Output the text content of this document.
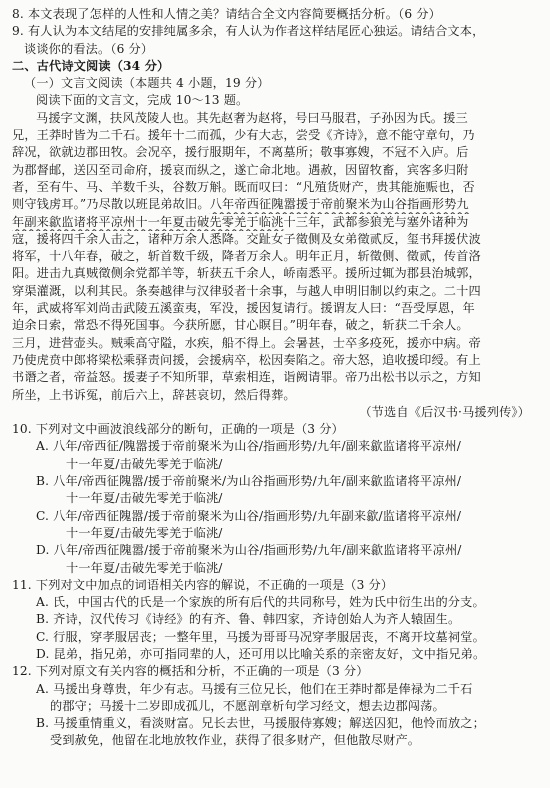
8. 本文表现了怎样的人性和人情之美？请结合全文内容简要概括分析。（6 分）
9. 有人认为本文结尾的安排纯属多余，有人认为作者这样结尾匠心独运。请结合文本，
谈谈你的看法。（6 分）
二、古代诗文阅读（34 分）
（一）文言文阅读（本题共 4 小题，19 分）
阅读下面的文言文，完成 10～13 题。
马援字文渊，扶风茂陵人也。其先赵奢为赵将，号曰马服君，子孙因为氏。援三
兄，王莽时皆为二千石。援年十二而孤，少有大志，尝受《齐诗》，意不能守章句，乃
辞况，欲就边郡田牧。会况卒，援行服期年，不离墓所；敬事寡嫂，不冠不入庐。后
为郡督邮，送囚至司命府，援哀而纵之，遂亡命北地。遇赦，因留牧畜，宾客多归附
者，至有牛、马、羊数千头，谷数万斛。既而叹曰：“凡殖货财产，贵其能施赈也，否
则守钱虏耳。”乃尽散以班昆弟故旧。八年帝西征隗嚣援于帝前聚米为山谷指画形势九
年副来歙监诸将平凉州十一年夏击破先零羌于临洮十三年，武都参狼羌与塞外诸种为
寇，援将四千余人击之，诸种万余人悉降。交趾女子徵侧及女弟徵贰反，玺书拜援伏波
将军，十八年春，破之，斩首数千级，降者万余人。明年正月，斩徵侧、徵贰，传首洛
阳。进击九真贼徵侧余党都羊等，斩获五千余人，峤南悉平。援所过辄为郡县治城郭，
穿渠灌溉，以利其民。条奏越律与汉律驳者十余事，与越人申明旧制以约束之。二十四
年，武威将军刘尚击武陵五溪蛮夷，军没，援因复请行。援谓友人曰：“吾受厚恩，年
迫余日索，常恐不得死国事。今获所愿，甘心瞑目。”明年春，破之，斩获二千余人。
三月，进营壶头。贼乘高守隘，水疾，船不得上。会暑甚，士卒多疫死，援亦中病。帝
乃使虎贲中郎将梁松乘驿责问援，会援病卒，松因奏陷之。帝大怒，追收援印绶。有上
书谮之者，帝益怒。援妻子不知所罪，草索相连，诣阙请罪。帝乃出松书以示之，方知
所坐，上书诉冤，前后六上，辞甚哀切，然后得葬。
（节选自《后汉书·马援列传》）
10. 下列对文中画波浪线部分的断句，正确的一项是（3 分）
A. 八年/帝西征/隗嚣援于帝前聚米为山谷/指画形势/九年/副来歙监诸将平凉州/
十一年夏/击破先零羌于临洮/
B. 八年/帝西征隗嚣/援于帝前聚米/为山谷指画形势/九年/副来歙监诸将平凉州/
十一年夏/击破先零羌于临洮/
C. 八年/帝西征隗嚣/援于帝前聚米为山谷/指画形势/九年副来歙/监诸将平凉州/
十一年夏/击破先零羌于临洮/
D. 八年/帝西征隗嚣/援于帝前聚米为山谷/指画形势/九年/副来歙监诸将平凉州/
十一年夏/击破先零羌于临洮/
11. 下列对文中加点的词语相关内容的解说，不正确的一项是（3 分）
A. 氏，中国古代的氏是一个家族的所有后代的共同称号，姓为氏中衍生出的分支。
B. 齐诗，汉代传习《诗经》的有齐、鲁、韩四家，齐诗创始人为齐人辕固生。
C. 行服，穿孝服居丧；一整年里，马援为哥哥马况穿孝服居丧，不离开坟墓祠堂。
D. 昆弟，指兄弟，亦可指同辈的人，还可用以比喻关系的亲密友好，文中指兄弟。
12. 下列对原文有关内容的概括和分析，不正确的一项是（3 分）
A. 马援出身尊贵，年少有志。马援有三位兄长，他们在王莽时都是俸禄为二千石
的郡守；马援十二岁即成孤儿，不愿剖章析句学习经文，想去边郡闯荡。
B. 马援重情重义，看淡财富。兄长去世，马援服侍寡嫂；解送囚犯，他怜而放之；
受到赦免，他留在北地放牧作业，获得了很多财产，但他散尽财产。
